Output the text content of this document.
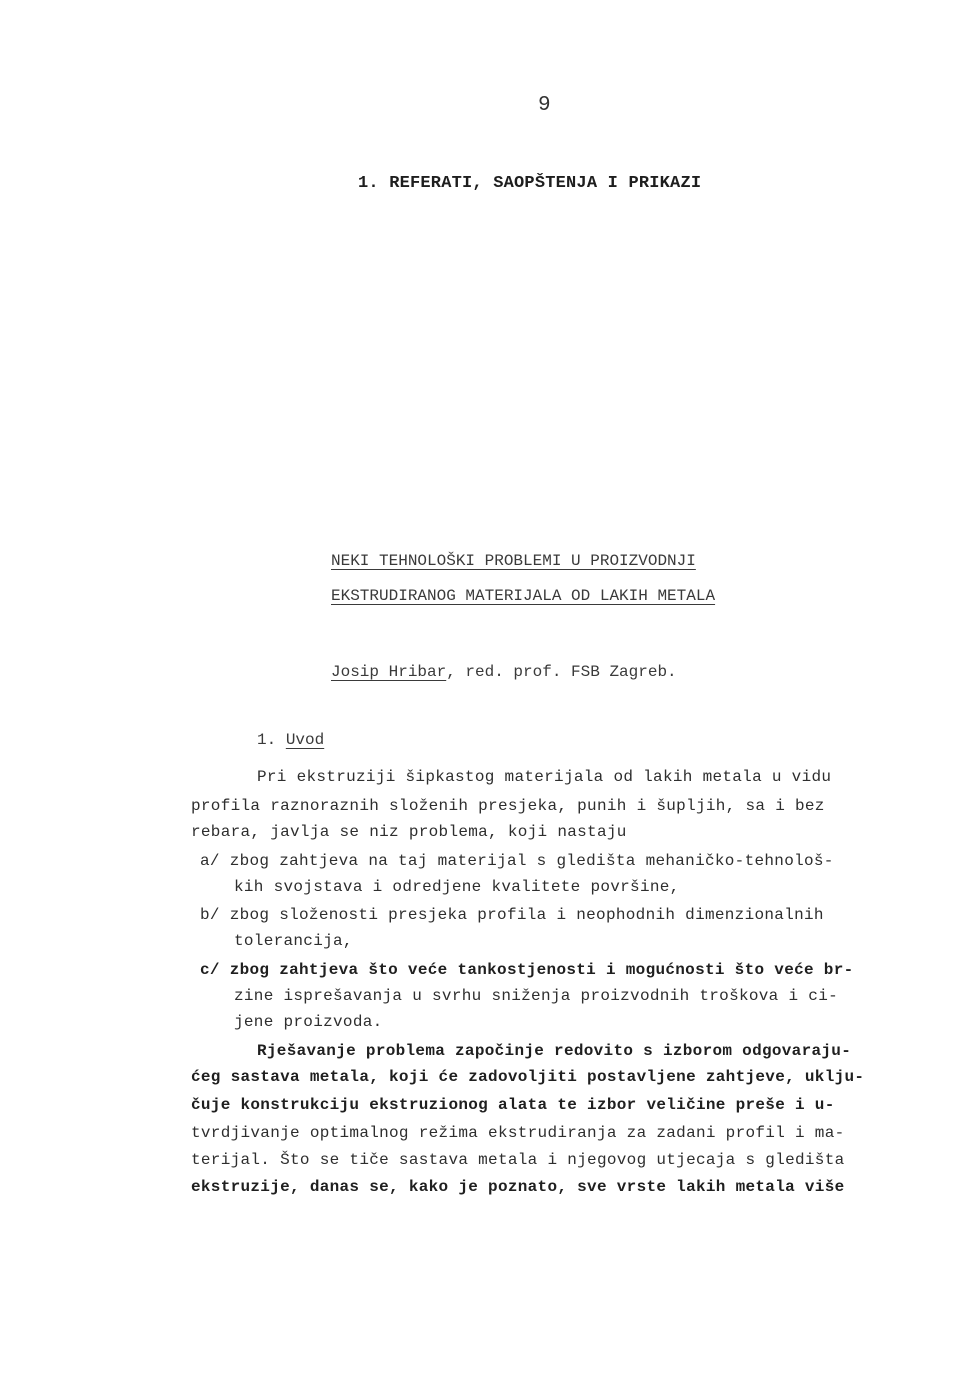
9
1. REFERATI, SAOPŠTENJA I PRIKAZI
NEKI TEHNOLOŠKI PROBLEMI U PROIZVODNJI
EKSTRUDIRANOG MATERIJALA OD LAKIH METALA
Josip Hribar, red. prof. FSB Zagreb.
1. Uvod
Pri ekstruziji šipkastog materijala od lakih metala u vidu
profila raznoraznih složenih presjeka, punih i šupljih, sa i bez
rebara, javlja se niz problema, koji nastaju
a/ zbog zahtjeva na taj materijal s gledišta mehaničko-tehnološ-
kih svojstava i odredjene kvalitete površine,
b/ zbog složenosti presjeka profila i neophodnih dimenzionalnih
tolerancija,
c/ zbog zahtjeva što veće tankostjenosti i mogućnosti što veće br-
zine isprešavanja u svrhu sniženja proizvodnih troškova i ci-
jene proizvoda.
Rješavanje problema započinje redovito s izborom odgovaraju-
ćeg sastava metala, koji će zadovoljiti postavljene zahtjeve, uklju-
čuje konstrukciju ekstruzionog alata te izbor veličine preše i u-
tvrdjivanje optimalnog režima ekstrudiranja za zadani profil i ma-
terijal. Što se tiče sastava metala i njegovog utjecaja s gledišta
ekstruzije, danas se, kako je poznato, sve vrste lakih metala više
